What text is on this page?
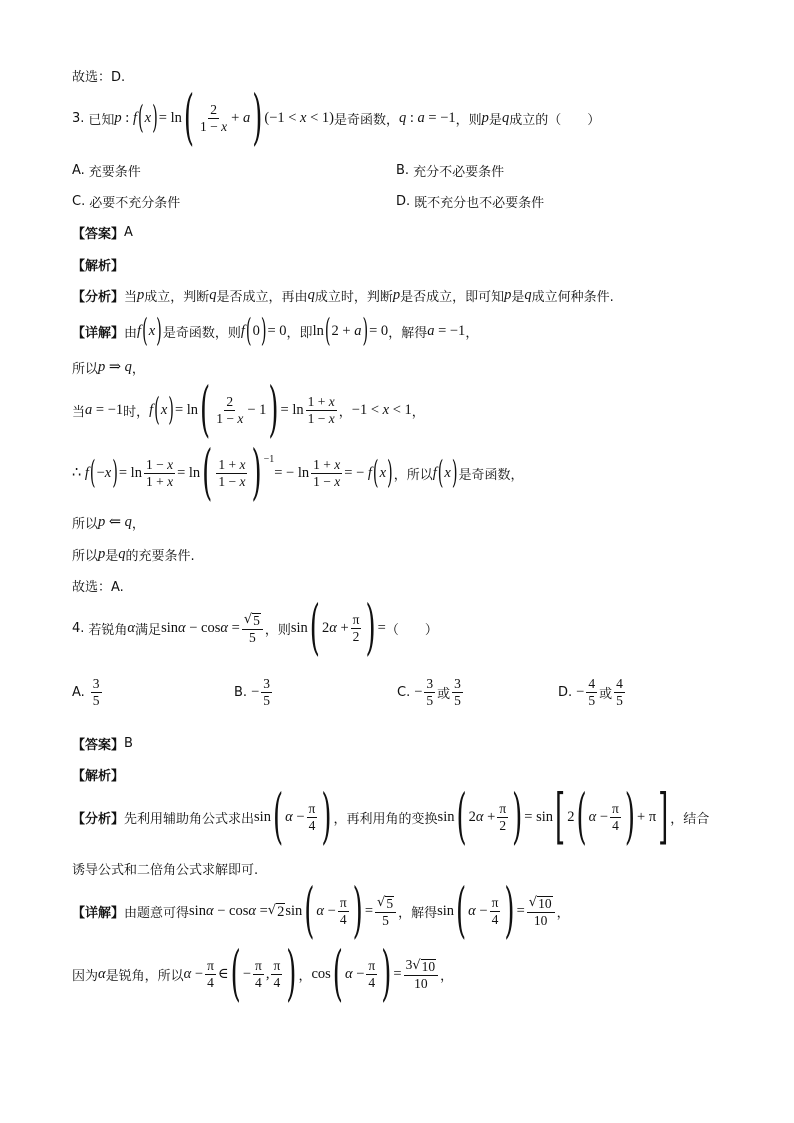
故选：D.
3. 已知 p : f ( x ) = ln ( $\frac{2}{1 - x} + a$ ) (−1 < x < 1) 是奇函数， q : a = −1 ，则 p 是 q 成立的（　　）
A. 充要条件	B. 充分不必要条件
C. 必要不充分条件	D. 既不充分也不必要条件
【答案】 A
【解析】
【分析】 当 p 成立，判断 q 是否成立，再由 q 成立时，判断 p 是否成立，即可知 p 是 q 成立何种条件.
【详解】 由 f ( x ) 是奇函数，则 f ( 0 ) = 0 ，即 ln ( 2 + a ) = 0 ，解得 a = −1 ，
所以 p ⇒ q ，
当 a = −1 时， f ( x ) = ln ( $\frac{2}{1 - x} - 1$ ) = $\ln \frac{1 + x}{1 - x}$ ， −1 < x < 1 ，
∴ f ( −x ) = $\ln \frac{1 - x}{1 + x} = \ln$ ( $\frac{1 + x}{1 - x}$ ) −1
= − $\ln \frac{1 + x}{1 - x}$ = − f ( x ) ，所以 f ( x ) 是奇函数，
所以 p ⇐ q ，
所以 p 是 q 的充要条件.
故选：A.
4. 若锐角 α 满足 $\sin\alpha - \cos\alpha = \frac{√ 5}{5}$ ，则 sin ( $2\alpha + \frac{\pi}{2}$ ) = （　　）
A. $\frac{3}{5}$	B. − $\frac{3}{5}$	C. − $\frac{3}{5}$ 或 $\frac{3}{5}$	D. − $\frac{4}{5}$ 或 $\frac{4}{5}$
【答案】 B
【解析】
【分析】 先利用辅助角公式求出 sin ( $\alpha - \frac{\pi}{4}$ ) ，再利用角的变换 sin ( $2\alpha + \frac{\pi}{2}$ ) = sin [ 2 ( $\alpha - \frac{\pi}{4}$ ) + π ] ，结合
诱导公式和二倍角公式求解即可.
【详解】 由题意可得 sinα − cosα = √ 2 sin ( $\alpha - \frac{\pi}{4}$ ) = $\frac{√ 5}{5}$ ，解得 sin ( $\alpha - \frac{\pi}{4}$ ) = $\frac{√ 10}{10}$ ，
因为 α 是锐角，所以 $\alpha - \frac{\pi}{4}$ ∈ ( − $\frac{\pi}{4}$ , $\frac{\pi}{4}$ ) ， cos ( $\alpha - \frac{\pi}{4}$ ) = $\frac{3 √ 10}{10}$ ，
